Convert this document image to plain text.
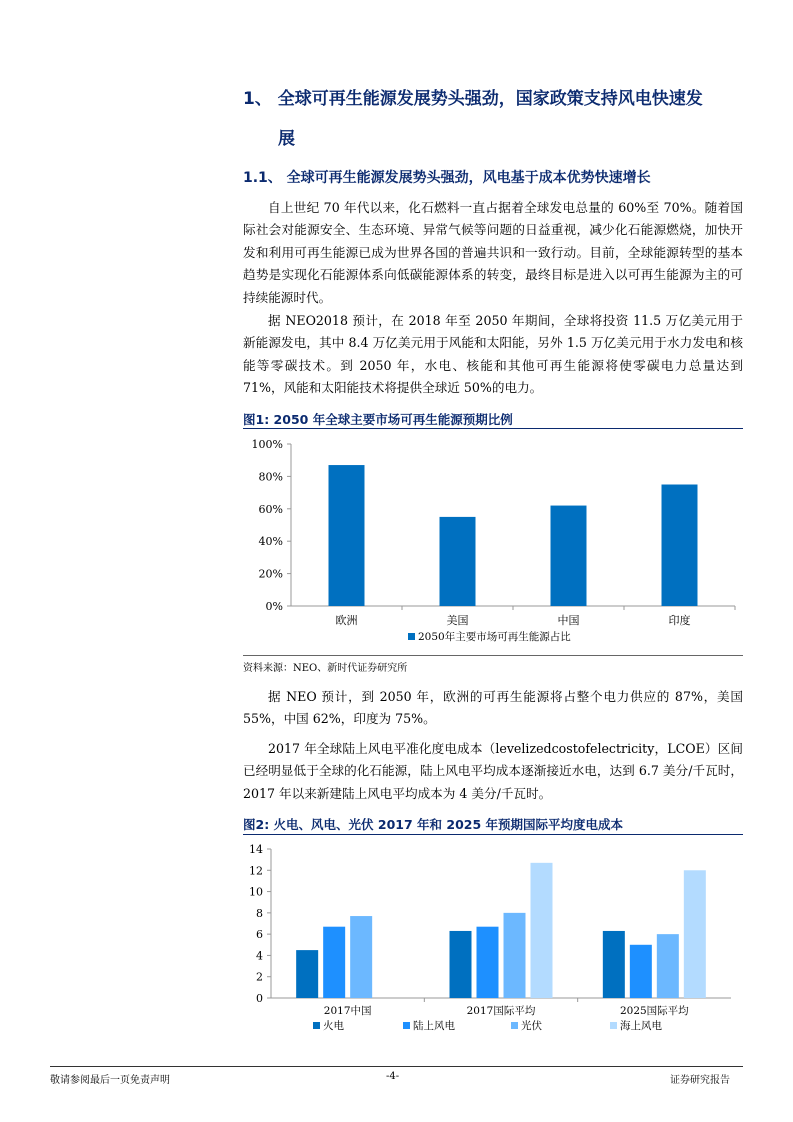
1、 全球可再生能源发展势头强劲，国家政策支持风电快速发
展
1.1、 全球可再生能源发展势头强劲，风电基于成本优势快速增长
自上世纪 70 年代以来，化石燃料一直占据着全球发电总量的 60%至 70%。随着国际社会对能源安全、生态环境、异常气候等问题的日益重视，减少化石能源燃烧，加快开发和利用可再生能源已成为世界各国的普遍共识和一致行动。目前，全球能源转型的基本趋势是实现化石能源体系向低碳能源体系的转变，最终目标是进入以可再生能源为主的可持续能源时代。
据 NEO2018 预计，在 2018 年至 2050 年期间，全球将投资 11.5 万亿美元用于新能源发电，其中 8.4 万亿美元用于风能和太阳能，另外 1.5 万亿美元用于水力发电和核能等零碳技术。到 2050 年，水电、核能和其他可再生能源将使零碳电力总量达到 71%，风能和太阳能技术将提供全球近 50%的电力。
图1: 2050 年全球主要市场可再生能源预期比例
0%
20%
40%
60%
80%
100%
欧洲	美国	中国	印度
2050年主要市场可再生能源占比
资料来源：NEO、新时代证券研究所
据 NEO 预计，到 2050 年，欧洲的可再生能源将占整个电力供应的 87%，美国 55%，中国 62%，印度为 75%。
2017 年全球陆上风电平准化度电成本（levelizedcostofelectricity，LCOE）区间已经明显低于全球的化石能源，陆上风电平均成本逐渐接近水电，达到 6.7 美分/千瓦时，2017 年以来新建陆上风电平均成本为 4 美分/千瓦时。
图2: 火电、风电、光伏 2017 年和 2025 年预期国际平均度电成本
0
2
4
6
8
10
12
14
2017中国	2017国际平均	2025国际平均
火电	陆上风电	光伏	海上风电
敬请参阅最后一页免责声明	-4-	证券研究报告
